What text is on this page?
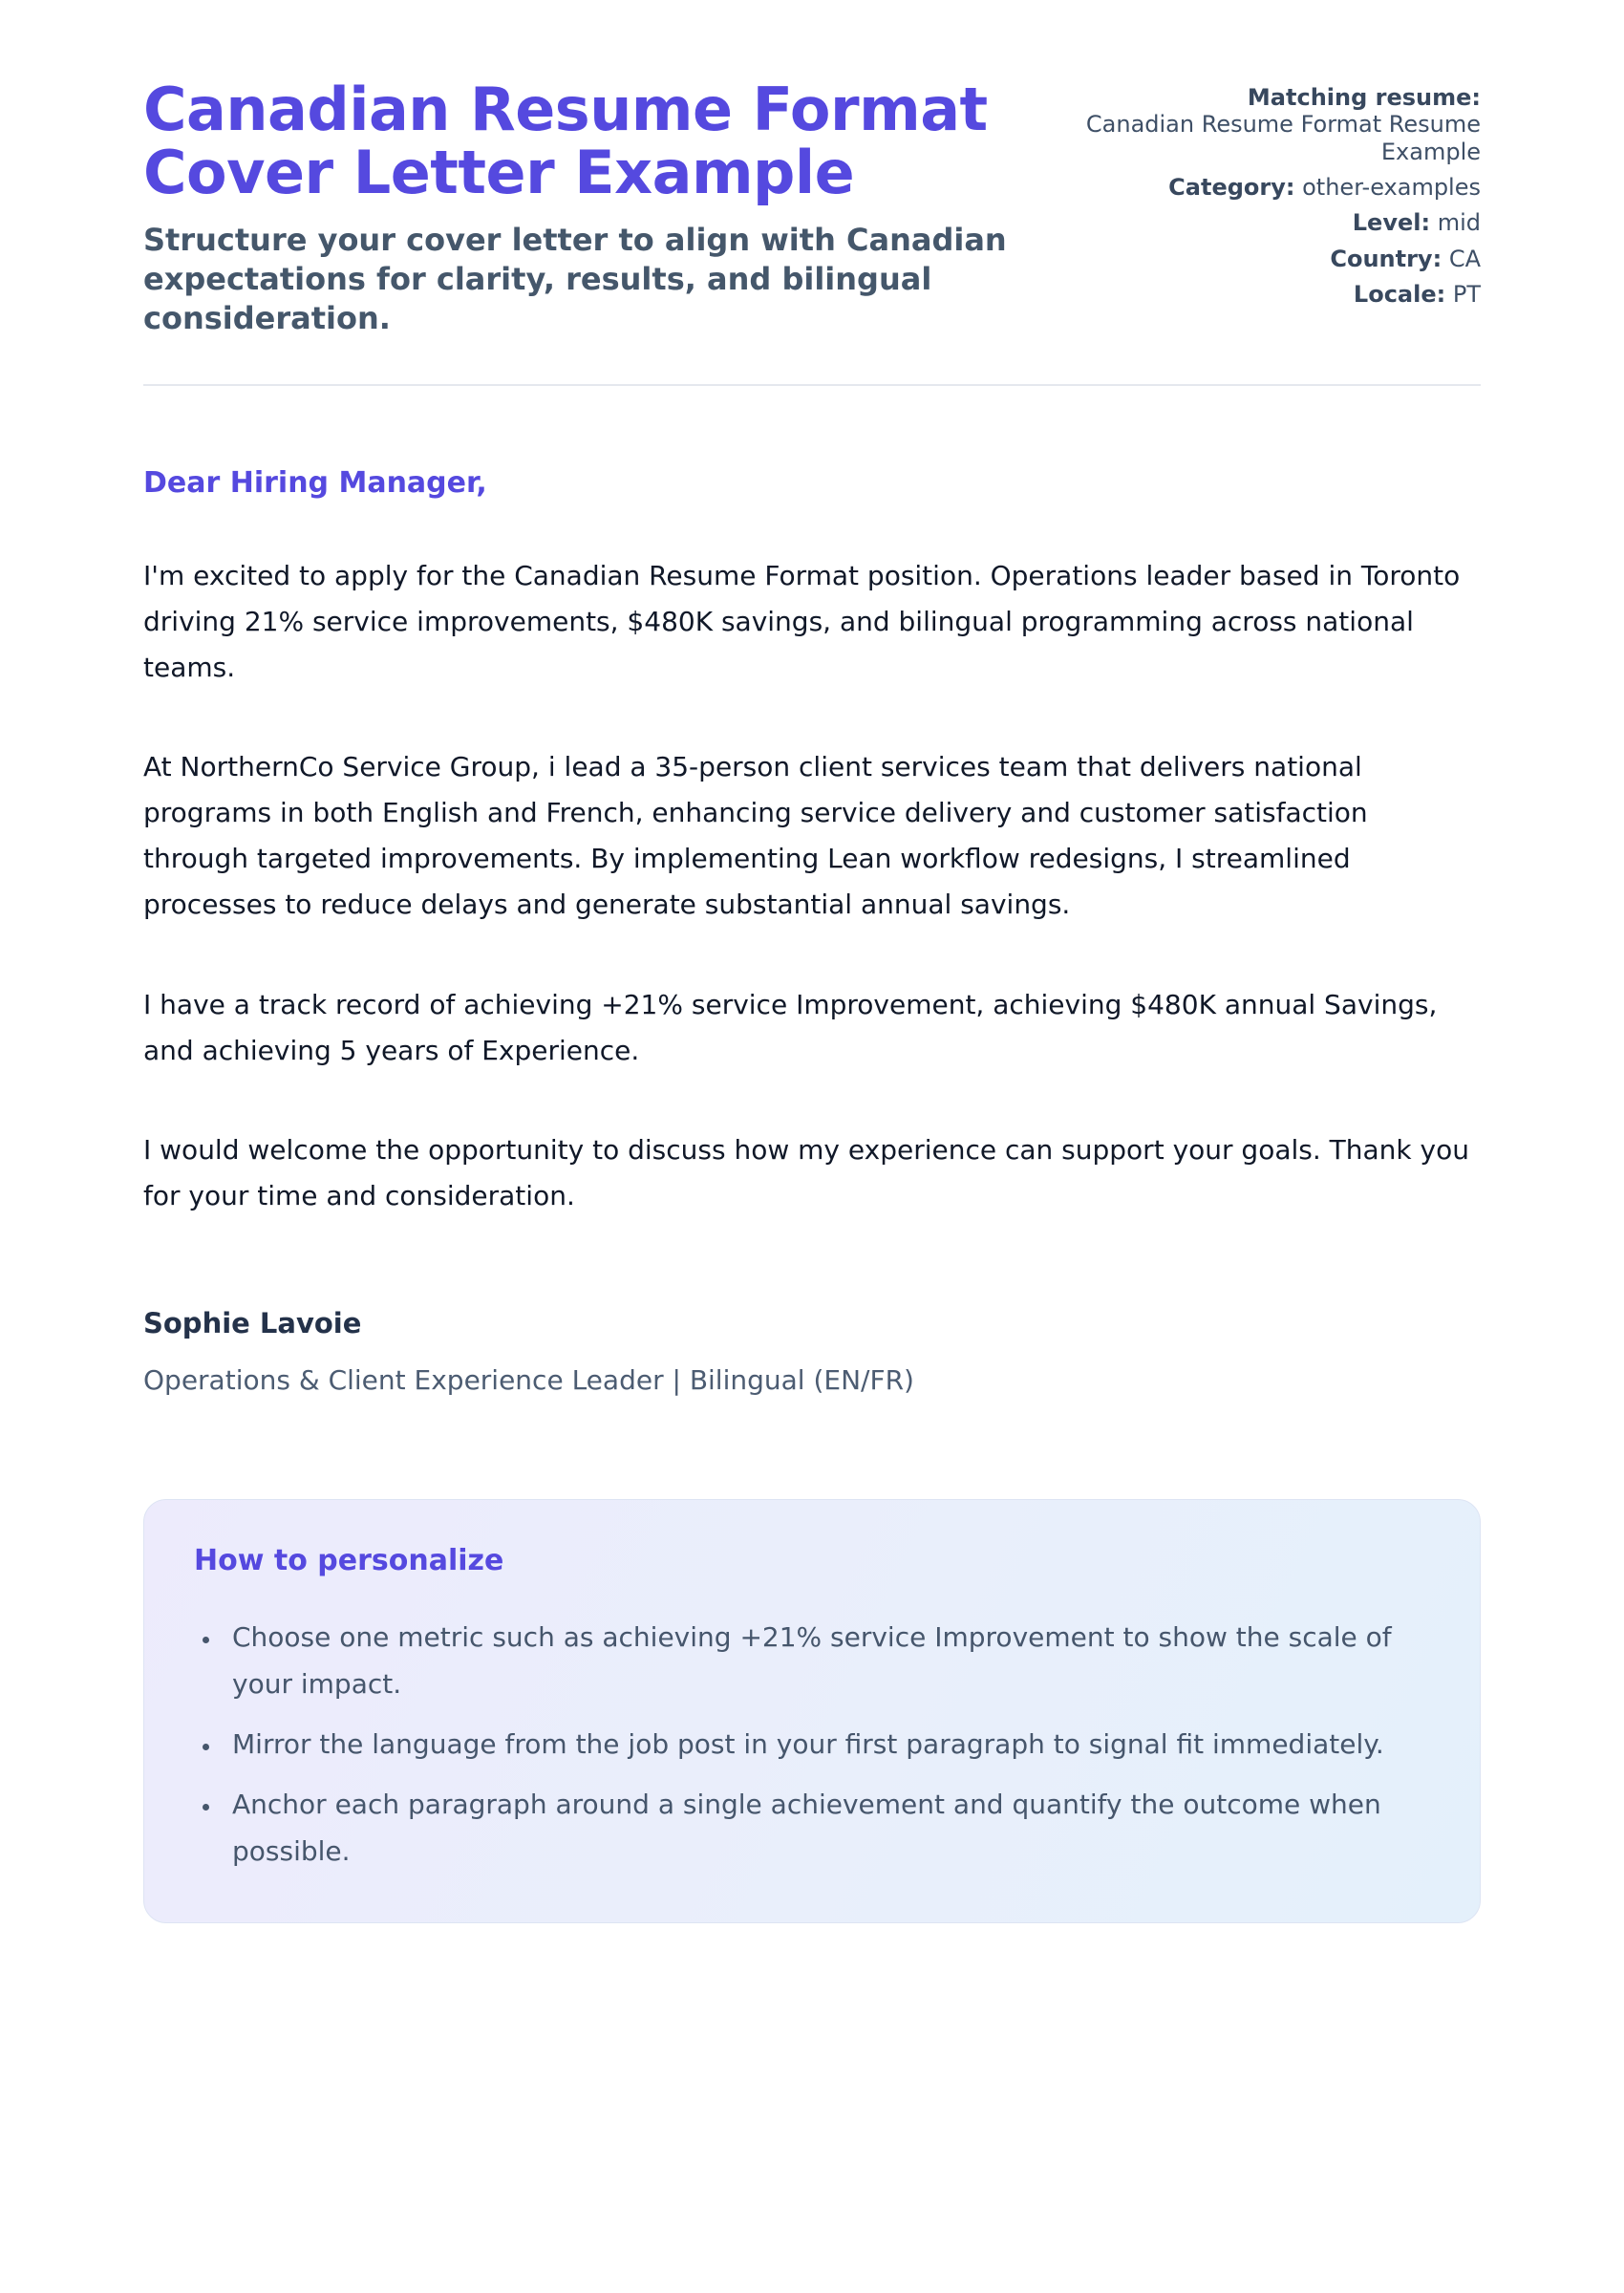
Canadian Resume Format Cover Letter Example

Structure your cover letter to align with Canadian expectations for clarity, results, and bilingual consideration.

Matching resume:
Canadian Resume Format Resume Example
Category: other-examples
Level: mid
Country: CA
Locale: PT

Dear Hiring Manager,

I'm excited to apply for the Canadian Resume Format position. Operations leader based in Toronto driving 21% service improvements, $480K savings, and bilingual programming across national teams.

At NorthernCo Service Group, i lead a 35-person client services team that delivers national programs in both English and French, enhancing service delivery and customer satisfaction through targeted improvements. By implementing Lean workflow redesigns, I streamlined processes to reduce delays and generate substantial annual savings.

I have a track record of achieving +21% service Improvement, achieving $480K annual Savings, and achieving 5 years of Experience.

I would welcome the opportunity to discuss how my experience can support your goals. Thank you for your time and consideration.

Sophie Lavoie

Operations & Client Experience Leader | Bilingual (EN/FR)

How to personalize
• Choose one metric such as achieving +21% service Improvement to show the scale of your impact.
• Mirror the language from the job post in your first paragraph to signal fit immediately.
• Anchor each paragraph around a single achievement and quantify the outcome when possible.
